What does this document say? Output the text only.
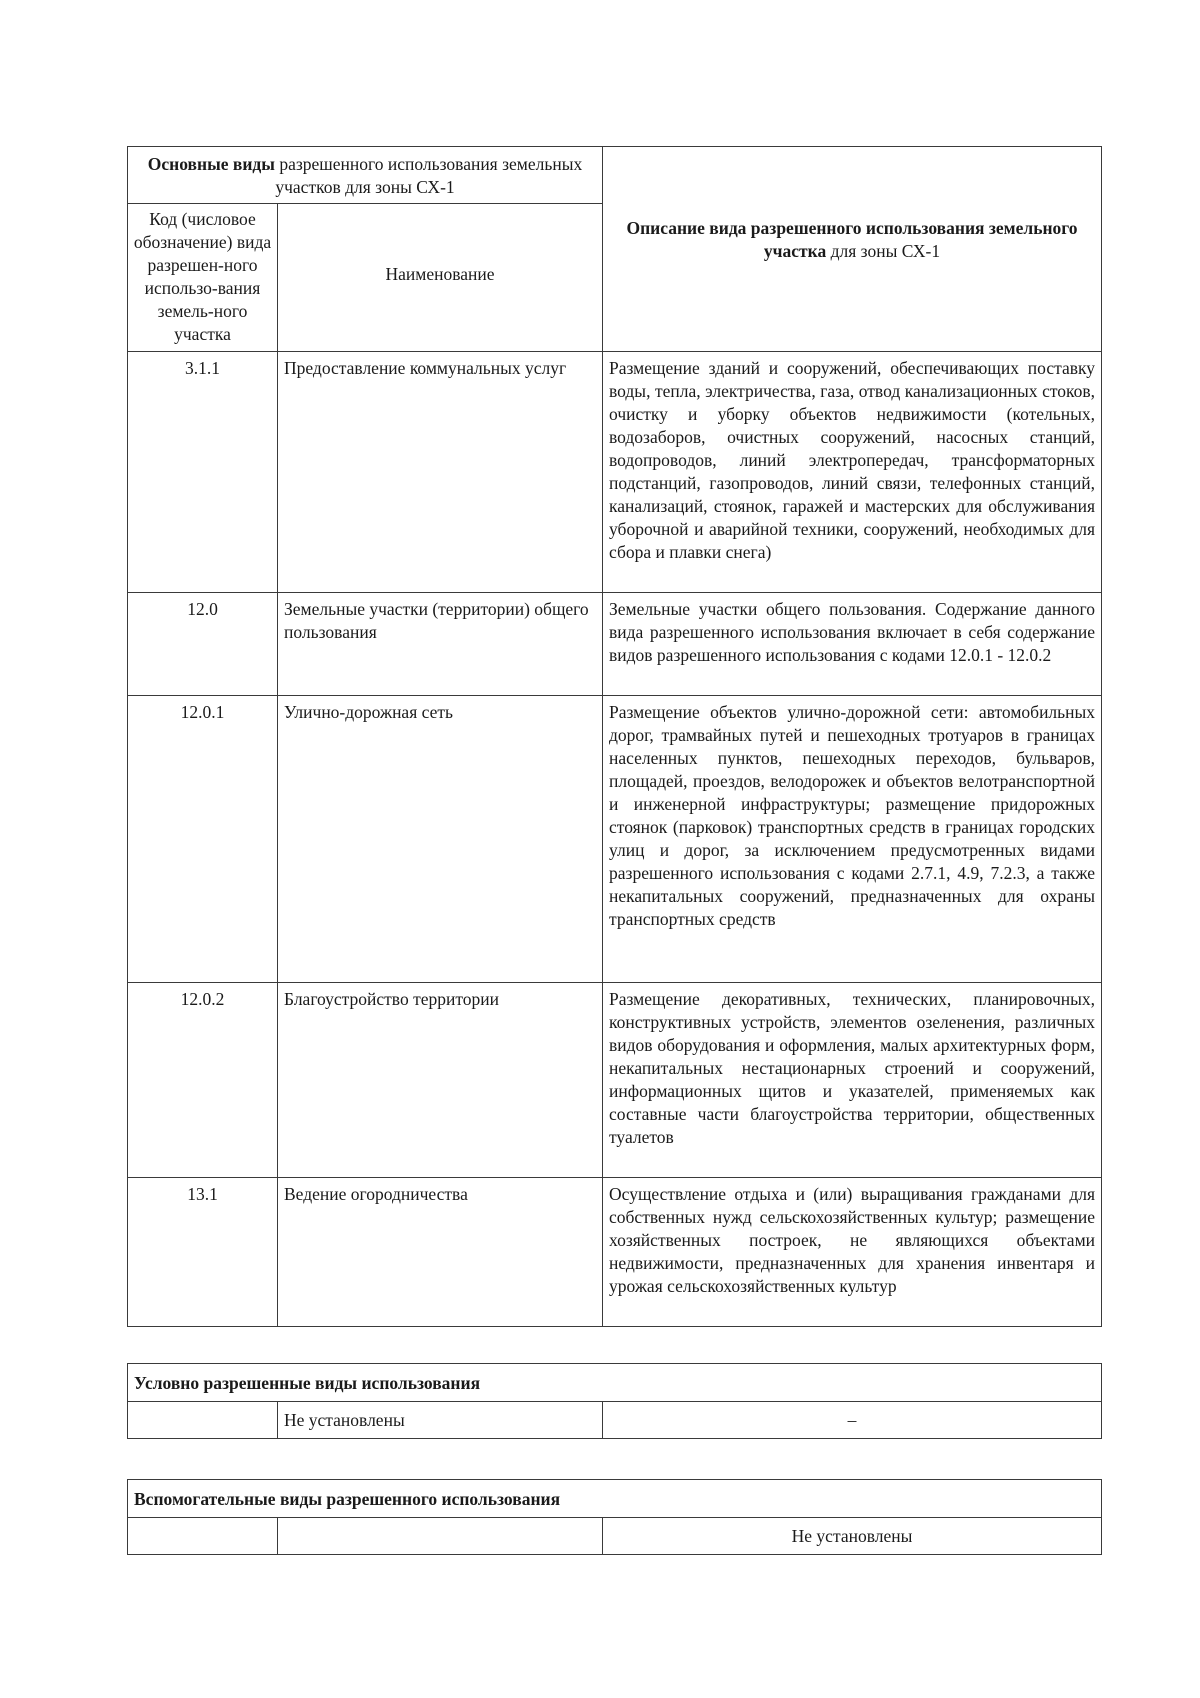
Основные виды разрешенного использования земельных участков для зоны СХ-1		Описание вида разрешенного использования земельного участка для зоны СХ-1
Код (числовое обозначение) вида разрешен-ного использо-вания земель-ного участка	Наименование	
3.1.1	Предоставление коммунальных услуг	Размещение зданий и сооружений, обеспечивающих поставку воды, тепла, электричества, газа, отвод канализационных стоков, очистку и уборку объектов недвижимости (котельных, водозаборов, очистных сооружений, насосных станций, водопроводов, линий электропередач, трансформаторных подстанций, газопроводов, линий связи, телефонных станций, канализаций, стоянок, гаражей и мастерских для обслуживания уборочной и аварийной техники, сооружений, необходимых для сбора и плавки снега)
12.0	Земельные участки (территории) общего пользования	Земельные участки общего пользования. Содержание данного вида разрешенного использования включает в себя содержание видов разрешенного использования с кодами 12.0.1 - 12.0.2
12.0.1	Улично-дорожная сеть	Размещение объектов улично-дорожной сети: автомобильных дорог, трамвайных путей и пешеходных тротуаров в границах населенных пунктов, пешеходных переходов, бульваров, площадей, проездов, велодорожек и объектов велотранспортной и инженерной инфраструктуры; размещение придорожных стоянок (парковок) транспортных средств в границах городских улиц и дорог, за исключением предусмотренных видами разрешенного использования с кодами 2.7.1, 4.9, 7.2.3, а также некапитальных сооружений, предназначенных для охраны транспортных средств
12.0.2	Благоустройство территории	Размещение декоративных, технических, планировочных, конструктивных устройств, элементов озеленения, различных видов оборудования и оформления, малых архитектурных форм, некапитальных нестационарных строений и сооружений, информационных щитов и указателей, применяемых как составные части благоустройства территории, общественных туалетов
13.1	Ведение огородничества	Осуществление отдыха и (или) выращивания гражданами для собственных нужд сельскохозяйственных культур; размещение хозяйственных построек, не являющихся объектами недвижимости, предназначенных для хранения инвентаря и урожая сельскохозяйственных культур
Условно разрешенные виды использования
	Не установлены	–
Вспомогательные виды разрешенного использования
		Не установлены
